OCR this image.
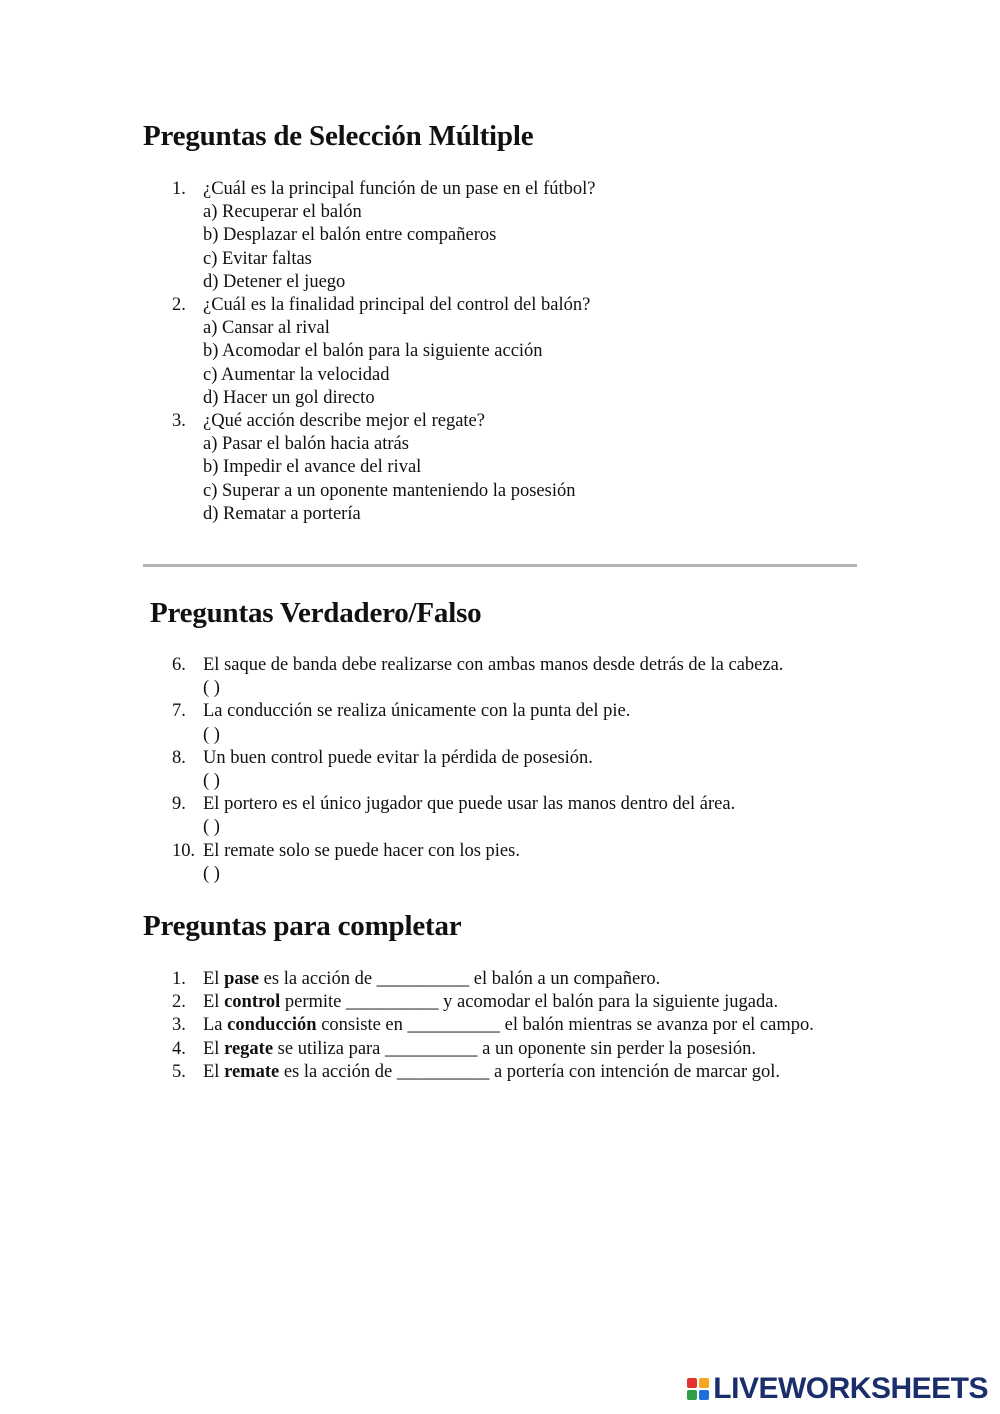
Preguntas de Selección Múltiple
1. ¿Cuál es la principal función de un pase en el fútbol?
a) Recuperar el balón
b) Desplazar el balón entre compañeros
c) Evitar faltas
d) Detener el juego
2. ¿Cuál es la finalidad principal del control del balón?
a) Cansar al rival
b) Acomodar el balón para la siguiente acción
c) Aumentar la velocidad
d) Hacer un gol directo
3. ¿Qué acción describe mejor el regate?
a) Pasar el balón hacia atrás
b) Impedir el avance del rival
c) Superar a un oponente manteniendo la posesión
d) Rematar a portería
Preguntas Verdadero/Falso
6. El saque de banda debe realizarse con ambas manos desde detrás de la cabeza.
( )
7. La conducción se realiza únicamente con la punta del pie.
( )
8. Un buen control puede evitar la pérdida de posesión.
( )
9. El portero es el único jugador que puede usar las manos dentro del área.
( )
10. El remate solo se puede hacer con los pies.
( )
Preguntas para completar
1. El pase es la acción de __________ el balón a un compañero.
2. El control permite __________ y acomodar el balón para la siguiente jugada.
3. La conducción consiste en __________ el balón mientras se avanza por el campo.
4. El regate se utiliza para __________ a un oponente sin perder la posesión.
5. El remate es la acción de __________ a portería con intención de marcar gol.
LIVEWORKSHEETS
